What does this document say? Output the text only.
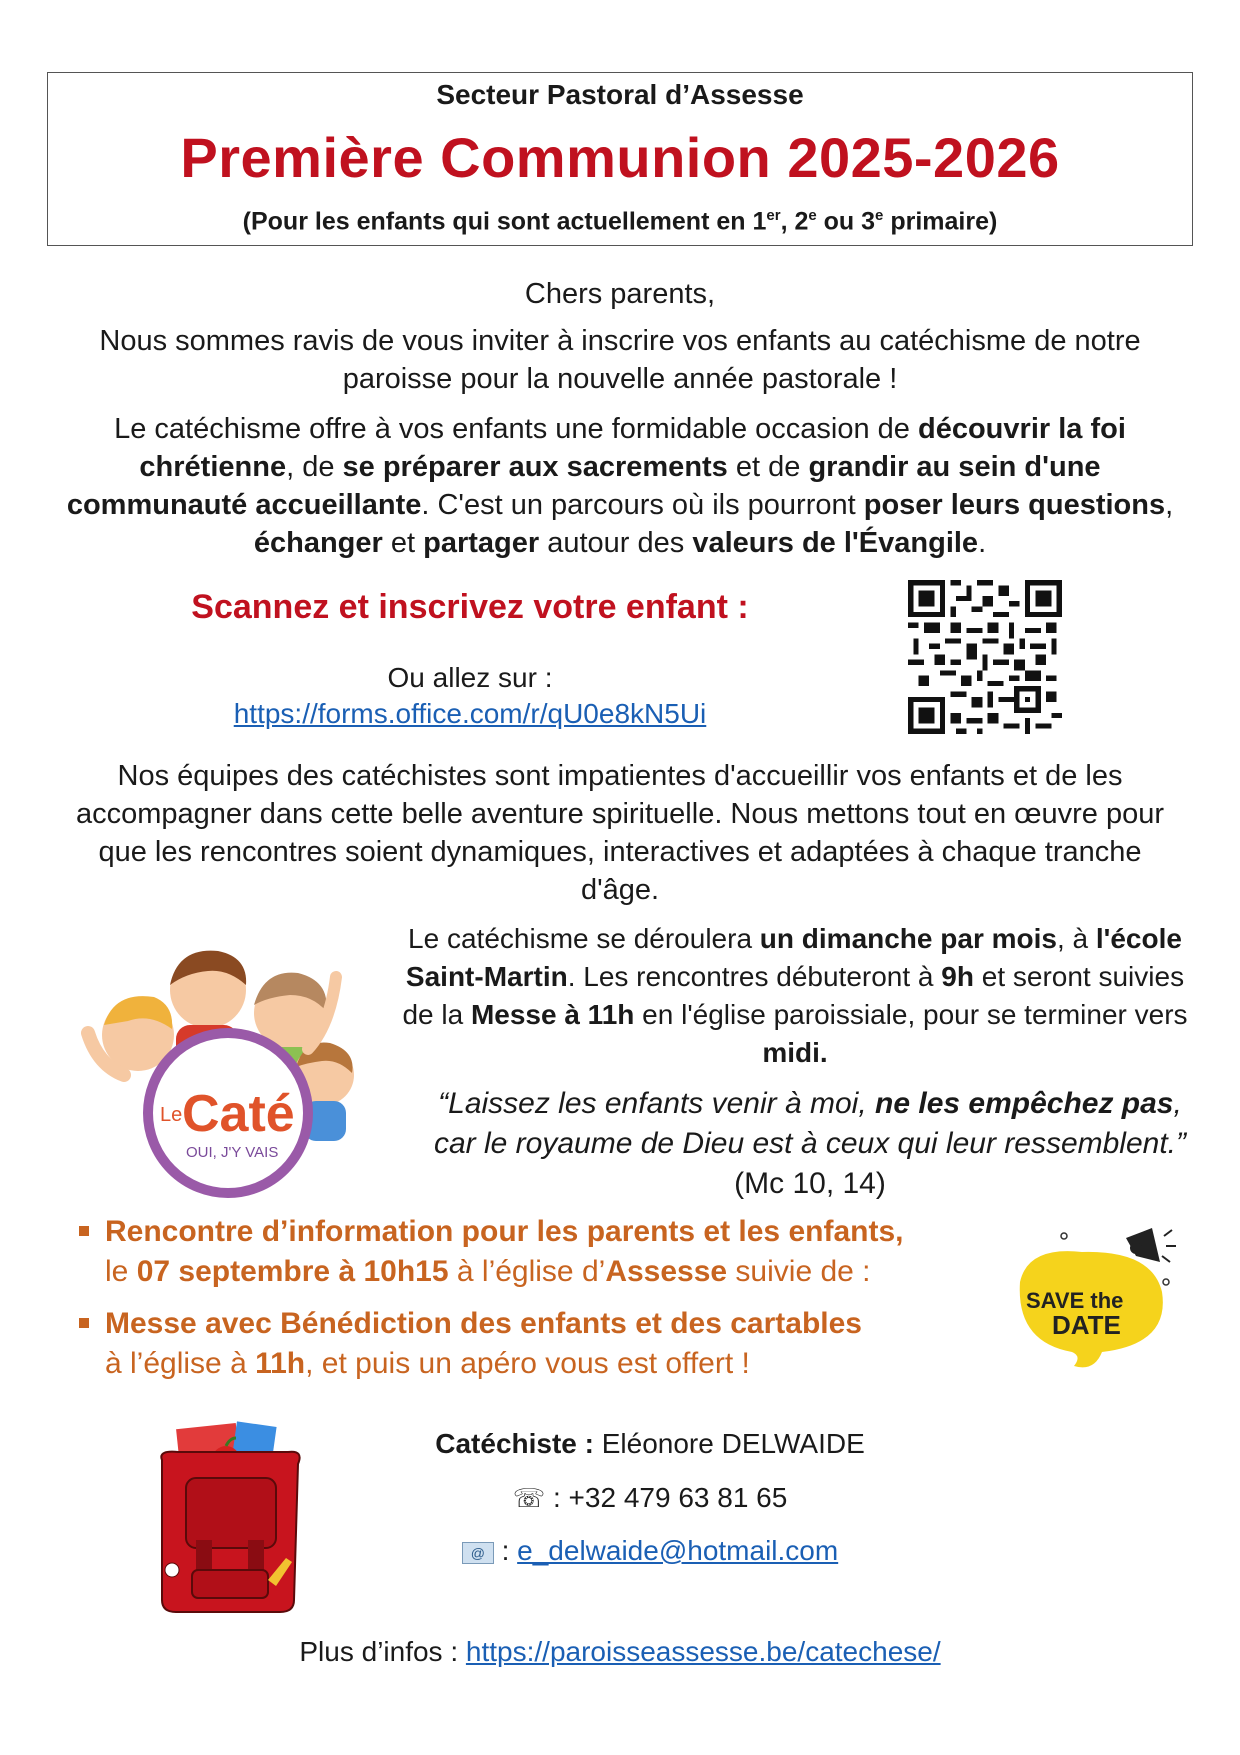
Secteur Pastoral d’Assesse
Première Communion 2025-2026
(Pour les enfants qui sont actuellement en 1er, 2e ou 3e primaire)
Chers parents,
Nous sommes ravis de vous inviter à inscrire vos enfants au catéchisme de notre paroisse pour la nouvelle année pastorale !
Le catéchisme offre à vos enfants une formidable occasion de découvrir la foi chrétienne, de se préparer aux sacrements et de grandir au sein d'une communauté accueillante. C'est un parcours où ils pourront poser leurs questions, échanger et partager autour des valeurs de l'Évangile.
Scannez et inscrivez votre enfant :
Ou allez sur :
https://forms.office.com/r/qU0e8kN5Ui
Nos équipes des catéchistes sont impatientes d'accueillir vos enfants et de les accompagner dans cette belle aventure spirituelle. Nous mettons tout en œuvre pour que les rencontres soient dynamiques, interactives et adaptées à chaque tranche d'âge.
Le Caté
OUI, J'Y VAIS
Le catéchisme se déroulera un dimanche par mois, à l'école Saint-Martin. Les rencontres débuteront à 9h et seront suivies de la Messe à 11h en l'église paroissiale, pour se terminer vers midi.
“Laissez les enfants venir à moi, ne les empêchez pas, car le royaume de Dieu est à ceux qui leur ressemblent.” (Mc 10, 14)
Rencontre d’information pour les parents et les enfants,
le 07 septembre à 10h15 à l’église d’Assesse suivie de :
Messe avec Bénédiction des enfants et des cartables
à l’église à 11h, et puis un apéro vous est offert !
SAVE the
DATE
Catéchiste : Eléonore DELWAIDE
☏ : +32 479 63 81 65
@ : e_delwaide@hotmail.com
Plus d’infos : https://paroisseassesse.be/catechese/
